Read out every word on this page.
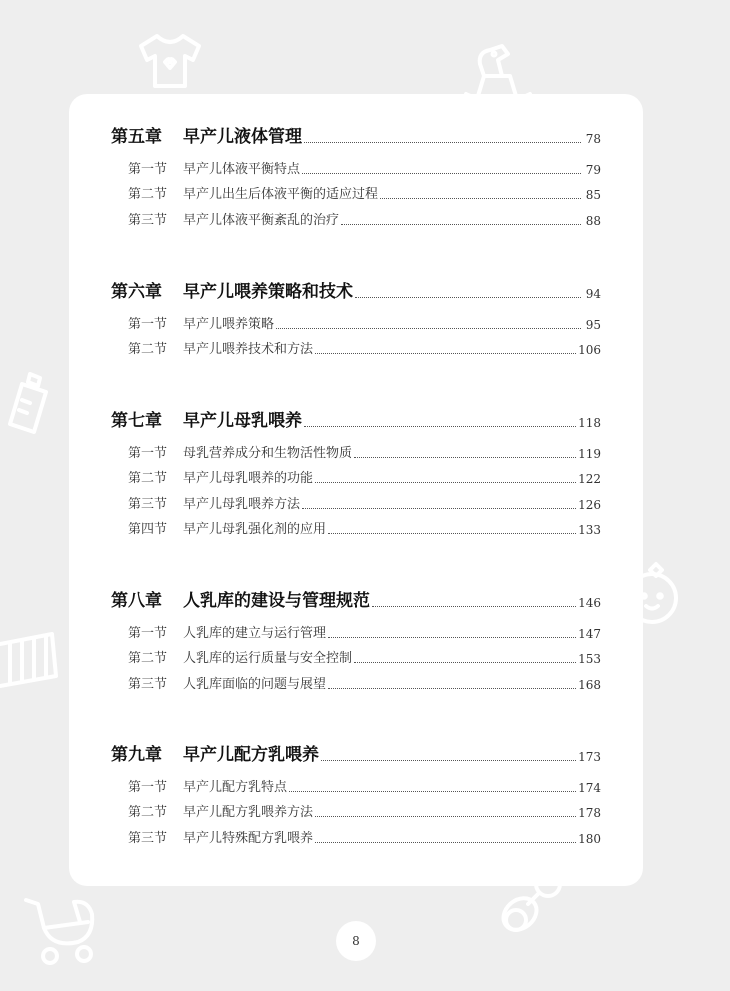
第五章	早产儿液体管理	78
第一节	早产儿体液平衡特点	79
第二节	早产儿出生后体液平衡的适应过程	85
第三节	早产儿体液平衡紊乱的治疗	88
第六章	早产儿喂养策略和技术	94
第一节	早产儿喂养策略	95
第二节	早产儿喂养技术和方法	106
第七章	早产儿母乳喂养	118
第一节	母乳营养成分和生物活性物质	119
第二节	早产儿母乳喂养的功能	122
第三节	早产儿母乳喂养方法	126
第四节	早产儿母乳强化剂的应用	133
第八章	人乳库的建设与管理规范	146
第一节	人乳库的建立与运行管理	147
第二节	人乳库的运行质量与安全控制	153
第三节	人乳库面临的问题与展望	168
第九章	早产儿配方乳喂养	173
第一节	早产儿配方乳特点	174
第二节	早产儿配方乳喂养方法	178
第三节	早产儿特殊配方乳喂养	180
8
